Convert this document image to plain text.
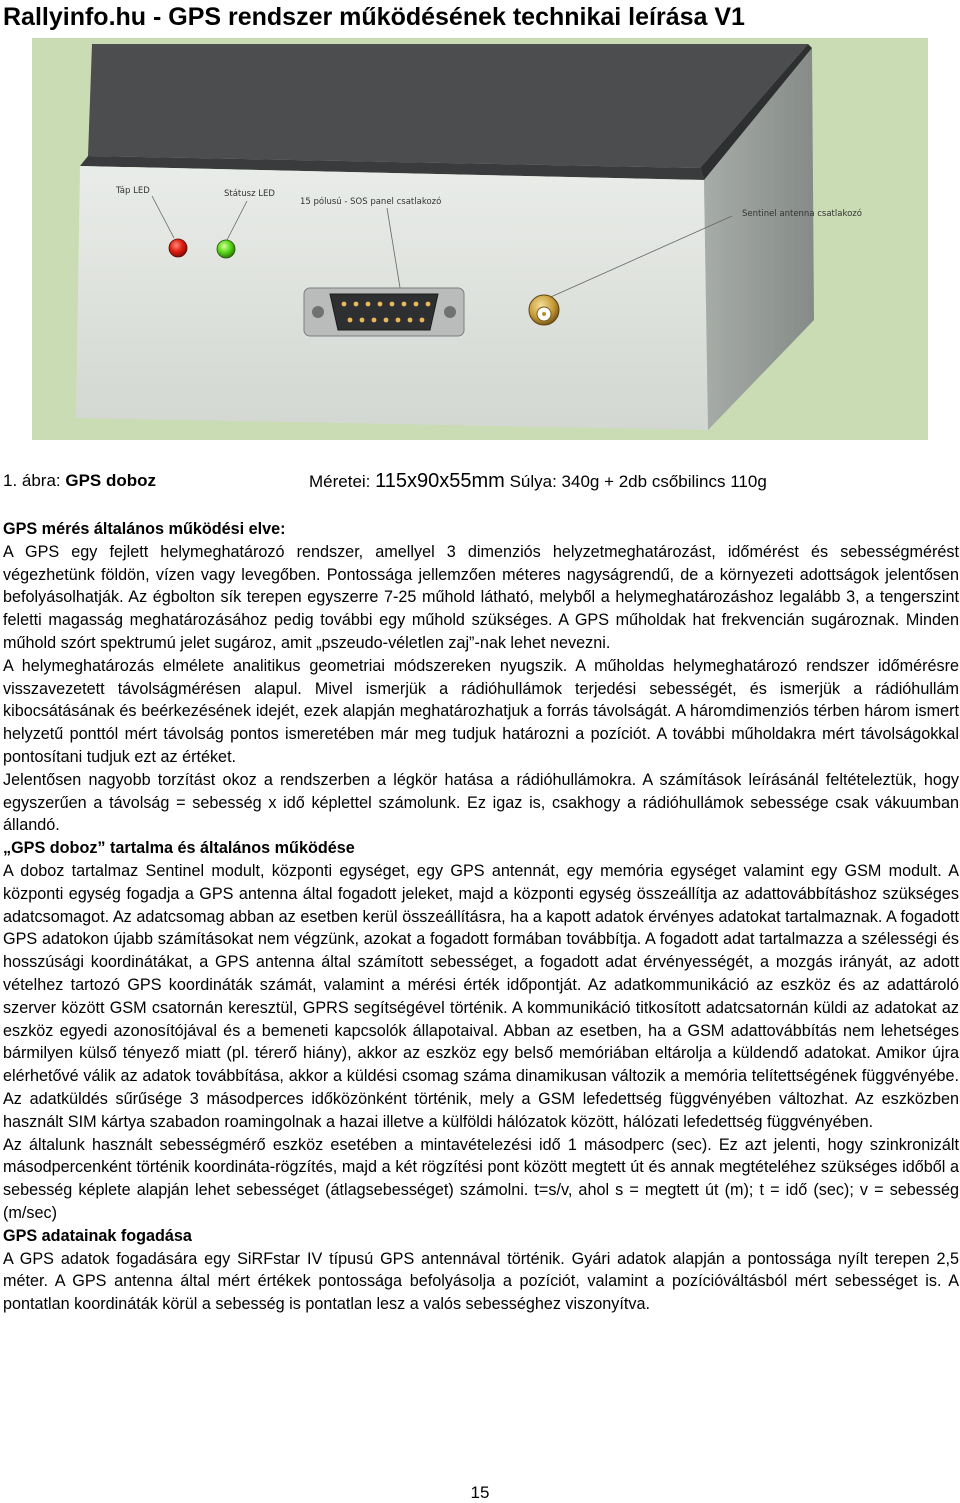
Rallyinfo.hu - GPS rendszer működésének technikai leírása V1
Táp LED	Státusz LED
15 pólusú - SOS panel csatlakozó
Sentinel antenna csatlakozó
1. ábra: GPS doboz	Méretei: 115x90x55mm Súlya: 340g + 2db csőbilincs 110g
GPS mérés általános működési elve:

A GPS egy fejlett helymeghatározó rendszer, amellyel 3 dimenziós helyzetmeghatározást, időmérést és sebességmérést végezhetünk földön, vízen vagy levegőben. Pontossága jellemzően méteres nagyságrendű, de a környezeti adottságok jelentősen befolyásolhatják. Az égbolton sík terepen egyszerre 7-25 műhold látható, melyből a helymeghatározáshoz legalább 3, a tengerszint feletti magasság meghatározásához pedig további egy műhold szükséges. A GPS műholdak hat frekvencián sugároznak. Minden műhold szórt spektrumú jelet sugároz, amit „pszeudo-véletlen zaj”-nak lehet nevezni.

A helymeghatározás elmélete analitikus geometriai módszereken nyugszik. A műholdas helymeghatározó rendszer időmérésre visszavezetett távolságmérésen alapul. Mivel ismerjük a rádióhullámok terjedési sebességét, és ismerjük a rádióhullám kibocsátásának és beérkezésének idejét, ezek alapján meghatározhatjuk a forrás távolságát. A háromdimenziós térben három ismert helyzetű ponttól mért távolság pontos ismeretében már meg tudjuk határozni a pozíciót. A további műholdakra mért távolságokkal pontosítani tudjuk ezt az értéket.

Jelentősen nagyobb torzítást okoz a rendszerben a légkör hatása a rádióhullámokra. A számítások leírásánál feltételeztük, hogy egyszerűen a távolság = sebesség x idő képlettel számolunk. Ez igaz is, csakhogy a rádióhullámok sebessége csak vákuumban állandó.

„GPS doboz” tartalma és általános működése

A doboz tartalmaz Sentinel modult, központi egységet, egy GPS antennát, egy memória egységet valamint egy GSM modult. A központi egység fogadja a GPS antenna által fogadott jeleket, majd a központi egység összeállítja az adattovábbításhoz szükséges adatcsomagot. Az adatcsomag abban az esetben kerül összeállításra, ha a kapott adatok érvényes adatokat tartalmaznak. A fogadott GPS adatokon újabb számításokat nem végzünk, azokat a fogadott formában továbbítja. A fogadott adat tartalmazza a szélességi és hosszúsági koordinátákat, a GPS antenna által számított sebességet, a fogadott adat érvényességét, a mozgás irányát, az adott vételhez tartozó GPS koordináták számát, valamint a mérési érték időpontját. Az adatkommunikáció az eszköz és az adattároló szerver között GSM csatornán keresztül, GPRS segítségével történik. A kommunikáció titkosított adatcsatornán küldi az adatokat az eszköz egyedi azonosítójával és a bemeneti kapcsolók állapotaival. Abban az esetben, ha a GSM adattovábbítás nem lehetséges bármilyen külső tényező miatt (pl. térerő hiány), akkor az eszköz egy belső memóriában eltárolja a küldendő adatokat. Amikor újra elérhetővé válik az adatok továbbítása, akkor a küldési csomag száma dinamikusan változik a memória telítettségének függvényébe. Az adatküldés sűrűsége 3 másodperces időközönként történik, mely a GSM lefedettség függvényében változhat. Az eszközben használt SIM kártya szabadon roamingolnak a hazai illetve a külföldi hálózatok között, hálózati lefedettség függvényében.

Az általunk használt sebességmérő eszköz esetében a mintavételezési idő 1 másodperc (sec). Ez azt jelenti, hogy szinkronizált másodpercenként történik koordináta-rögzítés, majd a két rögzítési pont között megtett út és annak megtételéhez szükséges időből a sebesség képlete alapján lehet sebességet (átlagsebességet) számolni. t=s/v, ahol s = megtett út (m); t = idő (sec); v = sebesség (m/sec)

GPS adatainak fogadása

A GPS adatok fogadására egy SiRFstar IV típusú GPS antennával történik. Gyári adatok alapján a pontossága nyílt terepen 2,5 méter. A GPS antenna által mért értékek pontossága befolyásolja a pozíciót, valamint a pozícióváltásból mért sebességet is. A pontatlan koordináták körül a sebesség is pontatlan lesz a valós sebességhez viszonyítva.

15
